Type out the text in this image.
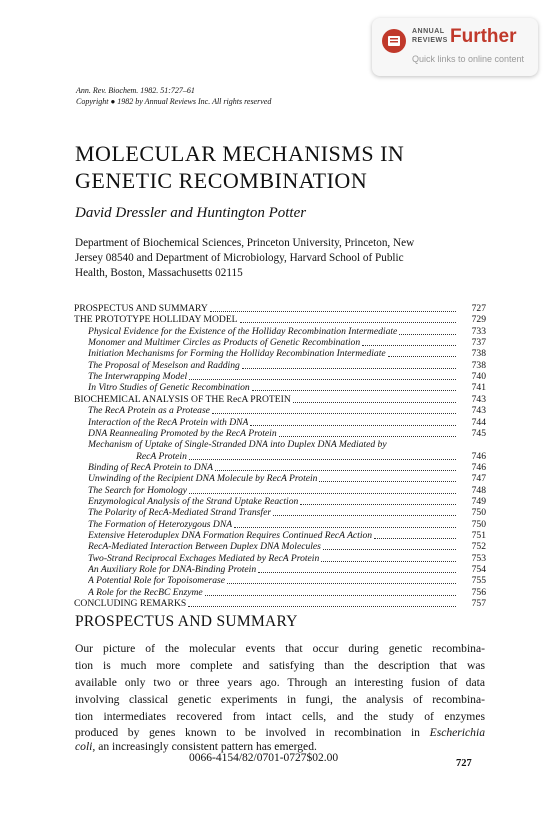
ANNUAL
REVIEWS Further
Quick links to online content
Ann. Rev. Biochem. 1982. 51:727–61
Copyright ● 1982 by Annual Reviews Inc. All rights reserved
MOLECULAR MECHANISMS IN
GENETIC RECOMBINATION
David Dressler and Huntington Potter
Department of Biochemical Sciences, Princeton University, Princeton, New
Jersey 08540 and Department of Microbiology, Harvard School of Public
Health, Boston, Massachusetts 02115
PROSPECTUS AND SUMMARY	727
THE PROTOTYPE HOLLIDAY MODEL	729
Physical Evidence for the Existence of the Holliday Recombination Intermediate	733
Monomer and Multimer Circles as Products of Genetic Recombination	737
Initiation Mechanisms for Forming the Holliday Recombination Intermediate	738
The Proposal of Meselson and Radding	738
The Interwrapping Model	740
In Vitro Studies of Genetic Recombination	741
BIOCHEMICAL ANALYSIS OF THE RecA PROTEIN	743
The RecA Protein as a Protease	743
Interaction of the RecA Protein with DNA	744
DNA Reannealing Promoted by the RecA Protein	745
Mechanism of Uptake of Single-Stranded DNA into Duplex DNA Mediated by
RecA Protein	746
Binding of RecA Protein to DNA	746
Unwinding of the Recipient DNA Molecule by RecA Protein	747
The Search for Homology	748
Enzymological Analysis of the Strand Uptake Reaction	749
The Polarity of RecA-Mediated Strand Transfer	750
The Formation of Heterozygous DNA	750
Extensive Heteroduplex DNA Formation Requires Continued RecA Action	751
RecA-Mediated Interaction Between Duplex DNA Molecules	752
Two-Strand Reciprocal Exchages Mediated by RecA Protein	753
An Auxiliary Role for DNA-Binding Protein	754
A Potential Role for Topoisomerase	755
A Role for the RecBC Enzyme	756
CONCLUDING REMARKS	757
PROSPECTUS AND SUMMARY
Our picture of the molecular events that occur during genetic recombina-
tion is much more complete and satisfying than the description that was
available only two or three years ago. Through an interesting fusion of data
involving classical genetic experiments in fungi, the analysis of recombina-
tion intermediates recovered from intact cells, and the study of enzymes
produced by genes known to be involved in recombination in Escherichia
coli, an increasingly consistent pattern has emerged.
0066-4154/82/0701-0727$02.00	727
